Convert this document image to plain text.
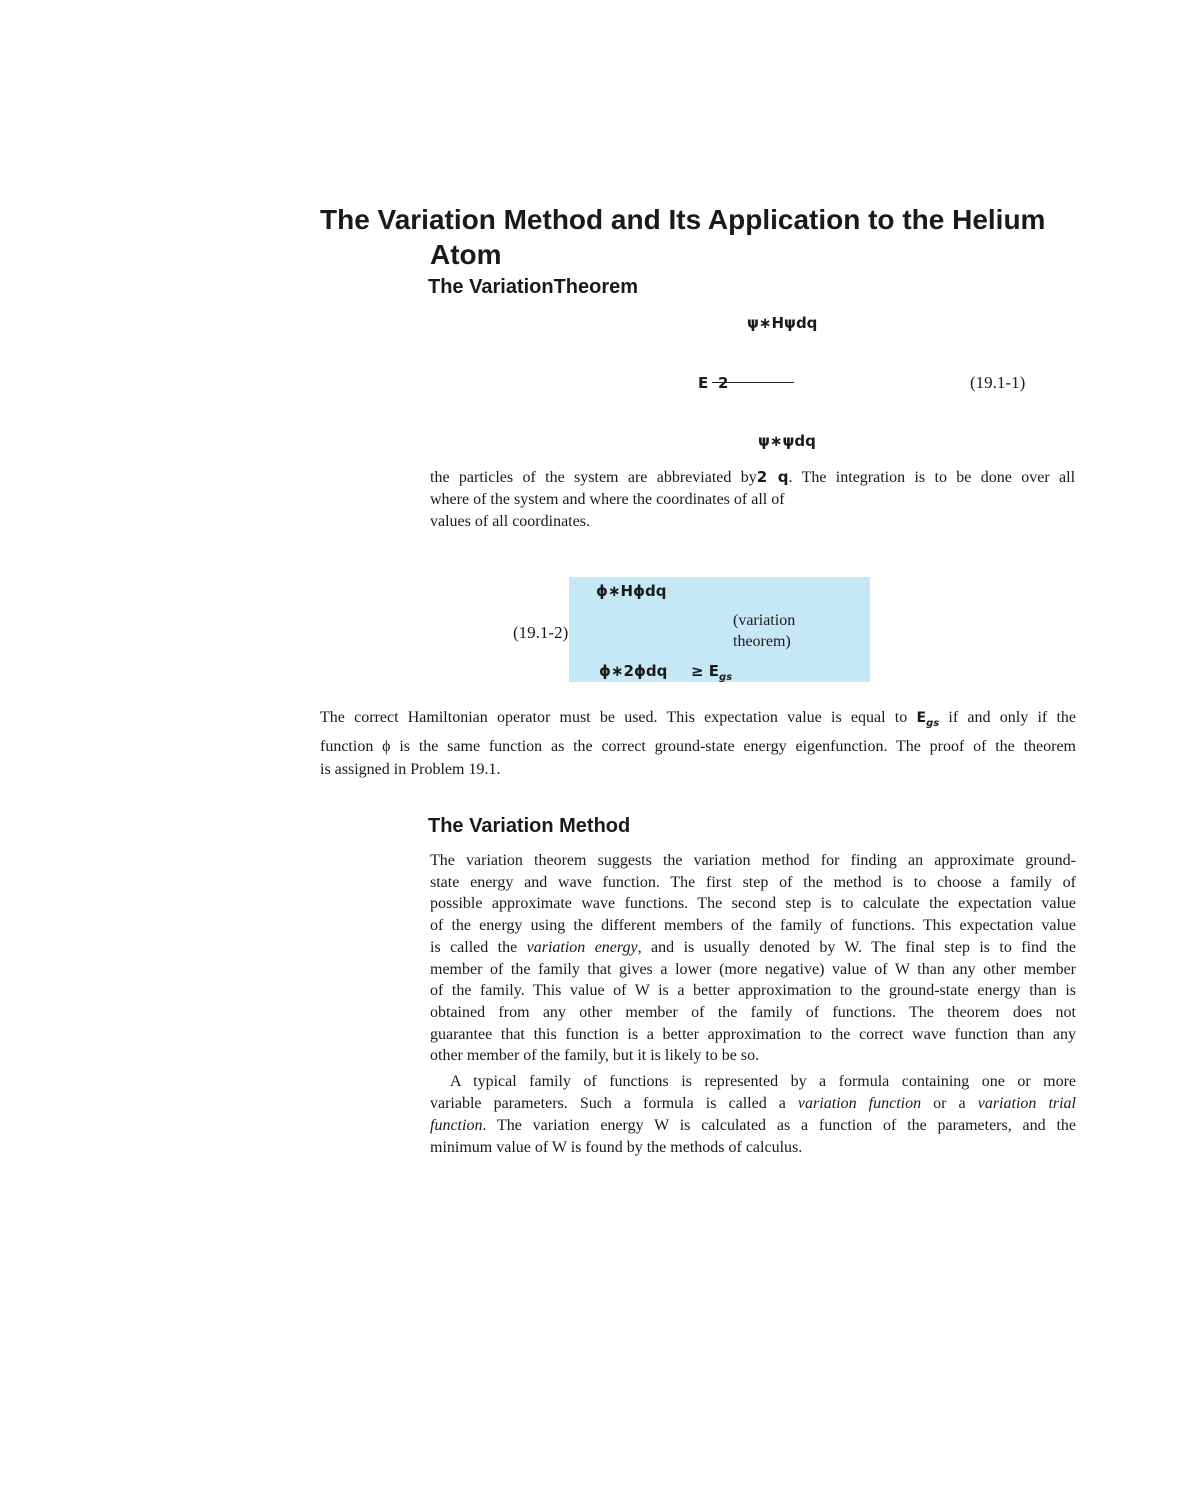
The Variation Method and Its Application to the Helium
Atom
The VariationTheorem
ψ∗Hψdq
E 2	(19.1-1)
ψ∗ψdq
the particles of the system are abbreviated by2 q. The integration is to be done over all
where of the system and where the coordinates of all of
values of all coordinates.
(19.1-2)
ϕ∗Hϕdq
(variation
theorem)
ϕ∗2ϕdq ≥ $E_{gs}$
The correct Hamiltonian operator must be used. This expectation value is equal to $E_{gs}$ if and only if the
function ϕ is the same function as the correct ground-state energy eigenfunction. The proof of the theorem
is assigned in Problem 19.1.
The Variation Method
The variation theorem suggests the variation method for finding an approximate ground-
state energy and wave function. The first step of the method is to choose a family of
possible approximate wave functions. The second step is to calculate the expectation value
of the energy using the different members of the family of functions. This expectation value
is called the variation energy, and is usually denoted by W. The final step is to find the
member of the family that gives a lower (more negative) value of W than any other member
of the family. This value of W is a better approximation to the ground-state energy than is
obtained from any other member of the family of functions. The theorem does not
guarantee that this function is a better approximation to the correct wave function than any
other member of the family, but it is likely to be so.
A typical family of functions is represented by a formula containing one or more
variable parameters. Such a formula is called a variation function or a variation trial
function. The variation energy W is calculated as a function of the parameters, and the
minimum value of W is found by the methods of calculus.
